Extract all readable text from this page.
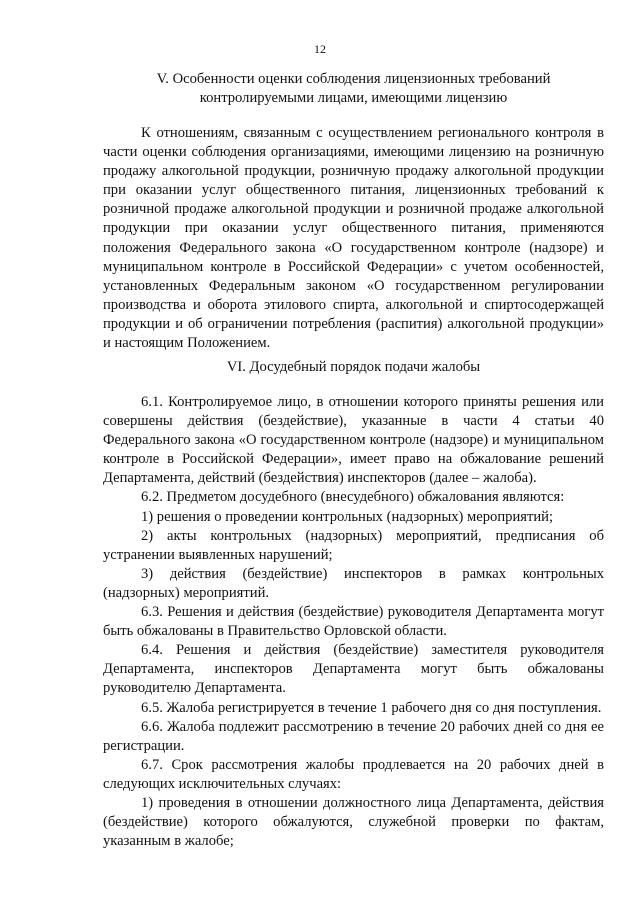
12
V. Особенности оценки соблюдения лицензионных требований
контролируемыми лицами, имеющими лицензию

К отношениям, связанным с осуществлением регионального контроля в части оценки соблюдения организациями, имеющими лицензию на розничную продажу алкогольной продукции, розничную продажу алкогольной продукции при оказании услуг общественного питания, лицензионных требований к розничной продаже алкогольной продукции и розничной продаже алкогольной продукции при оказании услуг общественного питания, применяются положения Федерального закона «О государственном контроле (надзоре) и муниципальном контроле в Российской Федерации» с учетом особенностей, установленных Федеральным законом «О государственном регулировании производства и оборота этилового спирта, алкогольной и спиртосодержащей продукции и об ограничении потребления (распития) алкогольной продукции» и настоящим Положением.

VI. Досудебный порядок подачи жалобы

6.1. Контролируемое лицо, в отношении которого приняты решения или совершены действия (бездействие), указанные в части 4 статьи 40 Федерального закона «О государственном контроле (надзоре) и муниципальном контроле в Российской Федерации», имеет право на обжалование решений Департамента, действий (бездействия) инспекторов (далее – жалоба).

6.2. Предметом досудебного (внесудебного) обжалования являются:

1) решения о проведении контрольных (надзорных) мероприятий;

2) акты контрольных (надзорных) мероприятий, предписания об устранении выявленных нарушений;

3) действия (бездействие) инспекторов в рамках контрольных (надзорных) мероприятий.

6.3. Решения и действия (бездействие) руководителя Департамента могут быть обжалованы в Правительство Орловской области.

6.4. Решения и действия (бездействие) заместителя руководителя Департамента, инспекторов Департамента могут быть обжалованы руководителю Департамента.

6.5. Жалоба регистрируется в течение 1 рабочего дня со дня поступления.

6.6. Жалоба подлежит рассмотрению в течение 20 рабочих дней со дня ее регистрации.

6.7. Срок рассмотрения жалобы продлевается на 20 рабочих дней в следующих исключительных случаях:

1) проведения в отношении должностного лица Департамента, действия (бездействие) которого обжалуются, служебной проверки по фактам, указанным в жалобе;
